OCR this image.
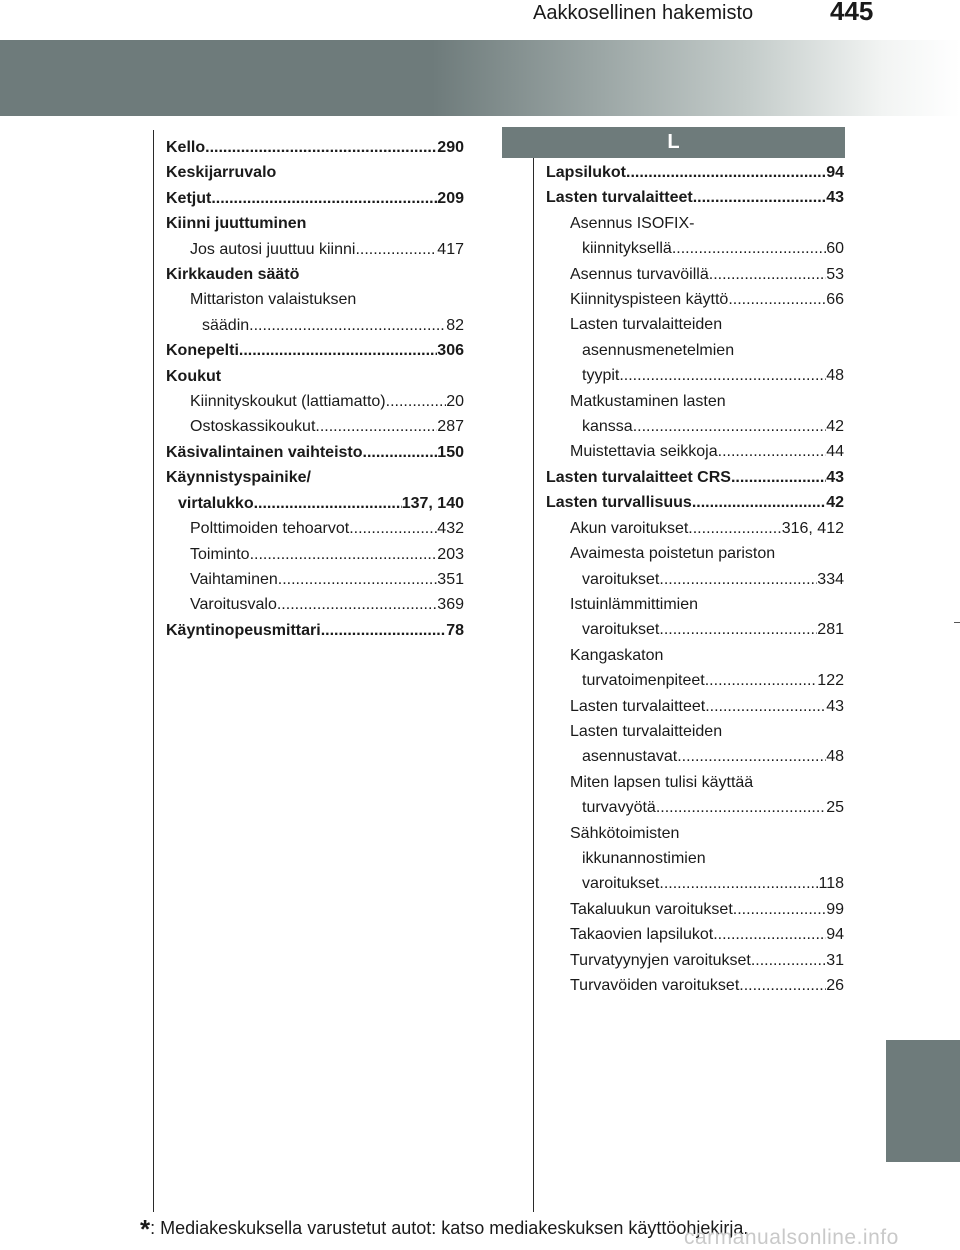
Aakkosellinen hakemisto	445
Kello .....	290
Keskijarruvalo
Ketjut .....	209
Kiinni juuttuminen
Jos autosi juuttuu kiinni .....	417
Kirkkauden säätö
Mittariston valaistuksen
säädin .....	82
Konepelti .....	306
Koukut
Kiinnityskoukut (lattiamatto) .....	20
Ostoskassikoukut .....	287
Käsivalintainen vaihteisto .....	150
Käynnistyspainike/
virtalukko .....	137, 140
Polttimoiden tehoarvot .....	432
Toiminto .....	203
Vaihtaminen .....	351
Varoitusvalo .....	369
Käyntinopeusmittari .....	78
L
Lapsilukot .....	94
Lasten turvalaitteet .....	43
Asennus ISOFIX-
kiinnityksellä .....	60
Asennus turvavöillä .....	53
Kiinnityspisteen käyttö .....	66
Lasten turvalaitteiden
asennusmenetelmien
tyypit .....	48
Matkustaminen lasten
kanssa .....	42
Muistettavia seikkoja .....	44
Lasten turvalaitteet CRS .....	43
Lasten turvallisuus .....	42
Akun varoitukset .....	316, 412
Avaimesta poistetun pariston
varoitukset .....	334
Istuinlämmittimien
varoitukset .....	281
Kangaskaton
turvatoimenpiteet .....	122
Lasten turvalaitteet .....	43
Lasten turvalaitteiden
asennustavat .....	48
Miten lapsen tulisi käyttää
turvavyötä .....	25
Sähkötoimisten
ikkunannostimien
varoitukset .....	118
Takaluukun varoitukset .....	99
Takaovien lapsilukot .....	94
Turvatyynyjen varoitukset .....	31
Turvavöiden varoitukset .....	26
*: Mediakeskuksella varustetut autot: katso mediakeskuksen käyttöohjekirja.
carmanualsonline.info
